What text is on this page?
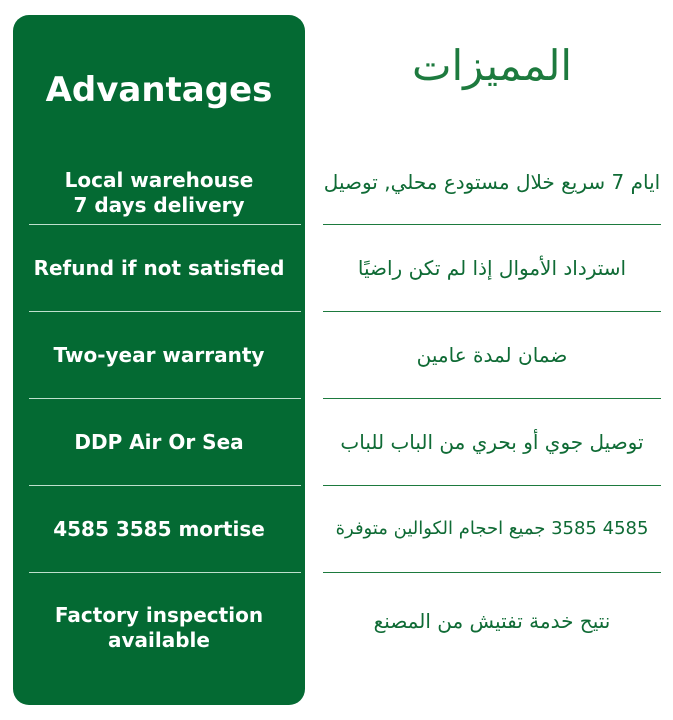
Advantages
Local warehouse
7 days delivery
Refund if not satisfied
Two-year warranty
DDP Air Or Sea
4585 3585 mortise
Factory inspection
available
المميزات
ايام 7 سريع خلال مستودع محلي, توصيل
استرداد الأموال إذا لم تكن راضيًا
ضمان لمدة عامين
توصيل جوي أو بحري من الباب للباب
4585 3585 جميع احجام الكوالين متوفرة
نتيح خدمة تفتيش من المصنع
